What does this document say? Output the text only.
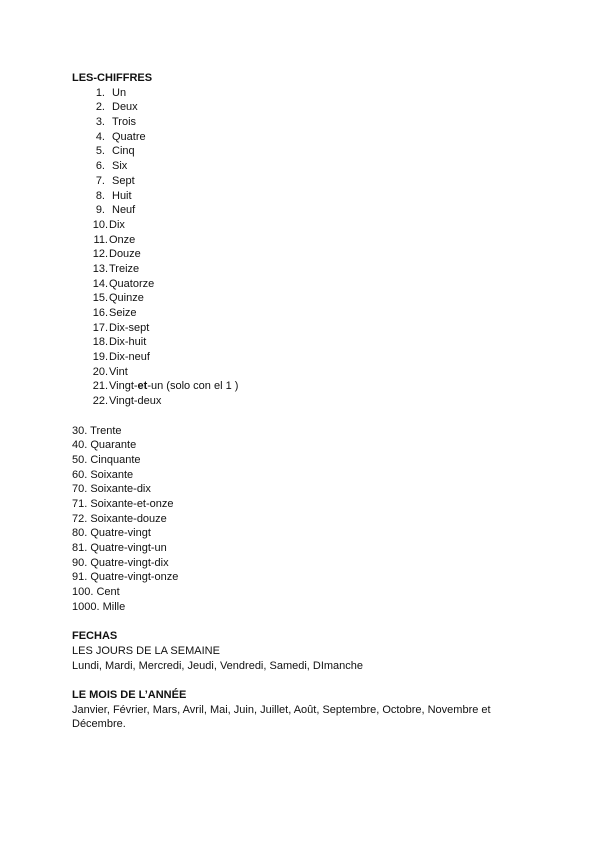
LES-CHIFFRES

1. Un
2. Deux
3. Trois
4. Quatre
5. Cinq
6. Six
7. Sept
8. Huit
9. Neuf
10. Dix
11. Onze
12. Douze
13. Treize
14. Quatorze
15. Quinze
16. Seize
17. Dix-sept
18. Dix-huit
19. Dix-neuf
20. Vint
21. Vingt-et-un (solo con el 1 )
22. Vingt-deux
30. Trente
40. Quarante
50. Cinquante
60. Soixante
70. Soixante-dix
71. Soixante-et-onze
72. Soixante-douze
80. Quatre-vingt
81. Quatre-vingt-un
90. Quatre-vingt-dix
91. Quatre-vingt-onze
100. Cent
1000. Mille

FECHAS

LES JOURS DE LA SEMAINE

Lundi, Mardi, Mercredi, Jeudi, Vendredi, Samedi, DImanche

LE MOIS DE L’ANNÉE

Janvier, Février, Mars, Avril, Mai, Juin, Juillet, Août, Septembre, Octobre, Novembre et Décembre.
